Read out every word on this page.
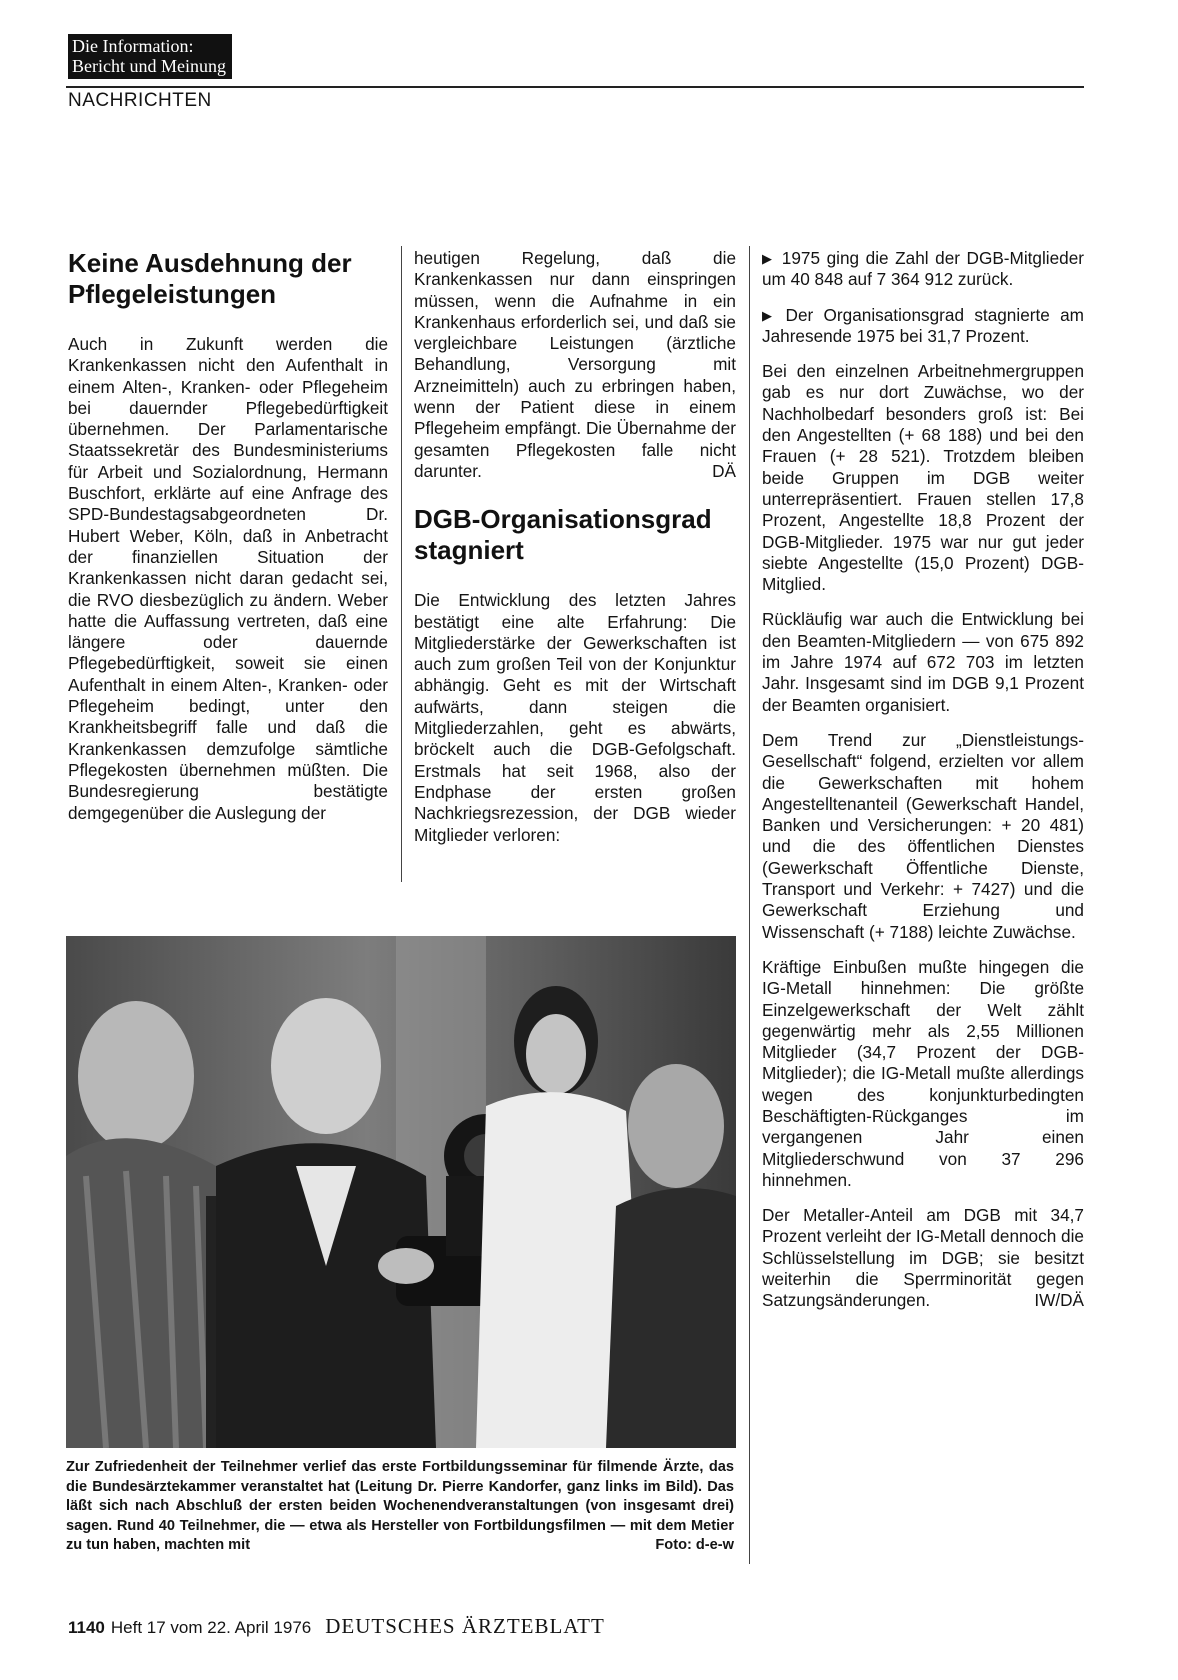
Die Information:
Bericht und Meinung
NACHRICHTEN
Keine Ausdehnung der Pflegeleistungen

Auch in Zukunft werden die Krankenkassen nicht den Aufenthalt in einem Alten-, Kranken- oder Pflegeheim bei dauernder Pflegebedürftigkeit übernehmen. Der Parlamentarische Staatssekretär des Bundesministeriums für Arbeit und Sozialordnung, Hermann Buschfort, erklärte auf eine Anfrage des SPD-Bundestagsabgeordneten Dr. Hubert Weber, Köln, daß in Anbetracht der finanziellen Situation der Krankenkassen nicht daran gedacht sei, die RVO diesbezüglich zu ändern. Weber hatte die Auffassung vertreten, daß eine längere oder dauernde Pflegebedürftigkeit, soweit sie einen Aufenthalt in einem Alten-, Kranken- oder Pflegeheim bedingt, unter den Krankheitsbegriff falle und daß die Krankenkassen demzufolge sämtliche Pflegekosten übernehmen müßten. Die Bundesregierung bestätigte demgegenüber die Auslegung der

heutigen Regelung, daß die Krankenkassen nur dann einspringen müssen, wenn die Aufnahme in ein Krankenhaus erforderlich sei, und daß sie vergleichbare Leistungen (ärztliche Behandlung, Versorgung mit Arzneimitteln) auch zu erbringen haben, wenn der Patient diese in einem Pflegeheim empfängt. Die Übernahme der gesamten Pflegekosten falle nicht darunter.	DÄ

DGB-Organisationsgrad stagniert

Die Entwicklung des letzten Jahres bestätigt eine alte Erfahrung: Die Mitgliederstärke der Gewerkschaften ist auch zum großen Teil von der Konjunktur abhängig. Geht es mit der Wirtschaft aufwärts, dann steigen die Mitgliederzahlen, geht es abwärts, bröckelt auch die DGB-Gefolgschaft. Erstmals hat seit 1968, also der Endphase der ersten großen Nachkriegsrezession, der DGB wieder Mitglieder verloren:

▶ 1975 ging die Zahl der DGB-Mitglieder um 40 848 auf 7 364 912 zurück.

▶ Der Organisationsgrad stagnierte am Jahresende 1975 bei 31,7 Prozent.

Bei den einzelnen Arbeitnehmergruppen gab es nur dort Zuwächse, wo der Nachholbedarf besonders groß ist: Bei den Angestellten (+ 68 188) und bei den Frauen (+ 28 521). Trotzdem bleiben beide Gruppen im DGB weiter unterrepräsentiert. Frauen stellen 17,8 Prozent, Angestellte 18,8 Prozent der DGB-Mitglieder. 1975 war nur gut jeder siebte Angestellte (15,0 Prozent) DGB-Mitglied.

Rückläufig war auch die Entwicklung bei den Beamten-Mitgliedern — von 675 892 im Jahre 1974 auf 672 703 im letzten Jahr. Insgesamt sind im DGB 9,1 Prozent der Beamten organisiert.

Dem Trend zur „Dienstleistungs-Gesellschaft“ folgend, erzielten vor allem die Gewerkschaften mit hohem Angestelltenanteil (Gewerkschaft Handel, Banken und Versicherungen: + 20 481) und die des öffentlichen Dienstes (Gewerkschaft Öffentliche Dienste, Transport und Verkehr: + 7427) und die Gewerkschaft Erziehung und Wissenschaft (+ 7188) leichte Zuwächse.

Kräftige Einbußen mußte hingegen die IG-Metall hinnehmen: Die größte Einzelgewerkschaft der Welt zählt gegenwärtig mehr als 2,55 Millionen Mitglieder (34,7 Prozent der DGB-Mitglieder); die IG-Metall mußte allerdings wegen des konjunkturbedingten Beschäftigten-Rückganges im vergangenen Jahr einen Mitgliederschwund von 37 296 hinnehmen.

Der Metaller-Anteil am DGB mit 34,7 Prozent verleiht der IG-Metall dennoch die Schlüsselstellung im DGB; sie besitzt weiterhin die Sperrminorität gegen Satzungsänderungen.	IW/DÄ

Zur Zufriedenheit der Teilnehmer verlief das erste Fortbildungsseminar für filmende Ärzte, das die Bundesärztekammer veranstaltet hat (Leitung Dr. Pierre Kandorfer, ganz links im Bild). Das läßt sich nach Abschluß der ersten beiden Wochenendveranstaltungen (von insgesamt drei) sagen. Rund 40 Teilnehmer, die — etwa als Hersteller von Fortbildungsfilmen — mit dem Metier zu tun haben, machten mit	Foto: d-e-w
1140 Heft 17 vom 22. April 1976 DEUTSCHES ÄRZTEBLATT
